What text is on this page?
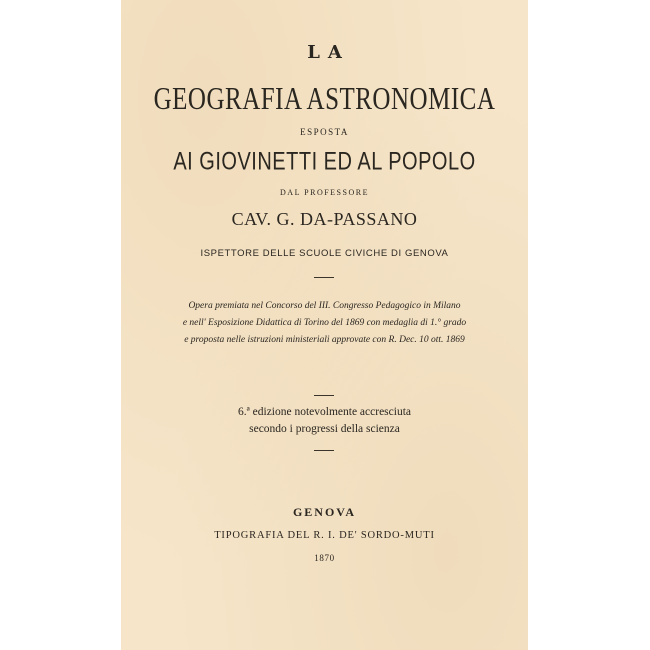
LA
GEOGRAFIA ASTRONOMICA
ESPOSTA
AI GIOVINETTI ED AL POPOLO
DAL PROFESSORE
CAV. G. DA-PASSANO
ISPETTORE DELLE SCUOLE CIVICHE DI GENOVA
Opera premiata nel Concorso del III. Congresso Pedagogico in Milano
e nell' Esposizione Didattica di Torino del 1869 con medaglia di 1.° grado
e proposta nelle istruzioni ministeriali approvate con R. Dec. 10 ott. 1869
6.ª edizione notevolmente accresciuta
secondo i progressi della scienza
GENOVA
TIPOGRAFIA DEL R. I. DE' SORDO-MUTI
1870
